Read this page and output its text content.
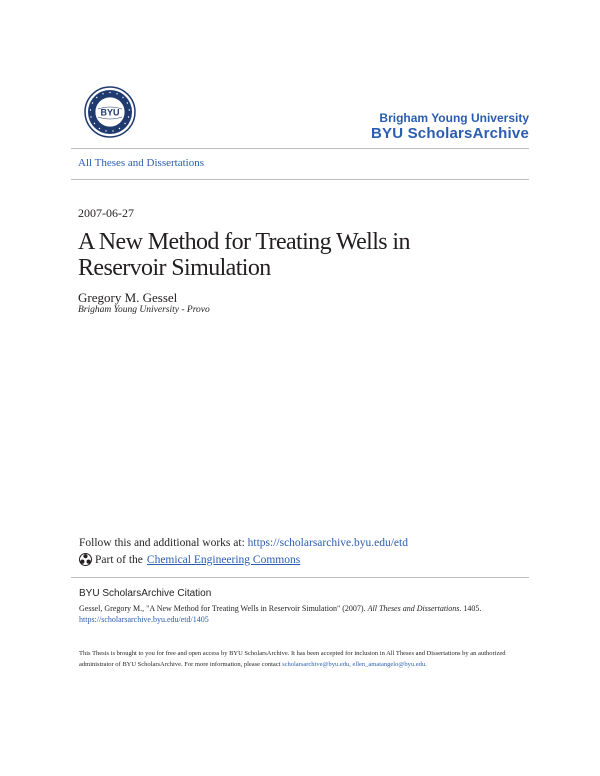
BYU	Brigham Young University
BYU ScholarsArchive
All Theses and Dissertations
2007-06-27
A New Method for Treating Wells in Reservoir Simulation
Gregory M. Gessel
Brigham Young University - Provo
Follow this and additional works at: https://scholarsarchive.byu.edu/etd
Part of the Chemical Engineering Commons
BYU ScholarsArchive Citation
Gessel, Gregory M., "A New Method for Treating Wells in Reservoir Simulation" (2007). All Theses and Dissertations. 1405.
https://scholarsarchive.byu.edu/etd/1405
This Thesis is brought to you for free and open access by BYU ScholarsArchive. It has been accepted for inclusion in All Theses and Dissertations by an authorized administrator of BYU ScholarsArchive. For more information, please contact scholarsarchive@byu.edu, ellen_amatangelo@byu.edu.
